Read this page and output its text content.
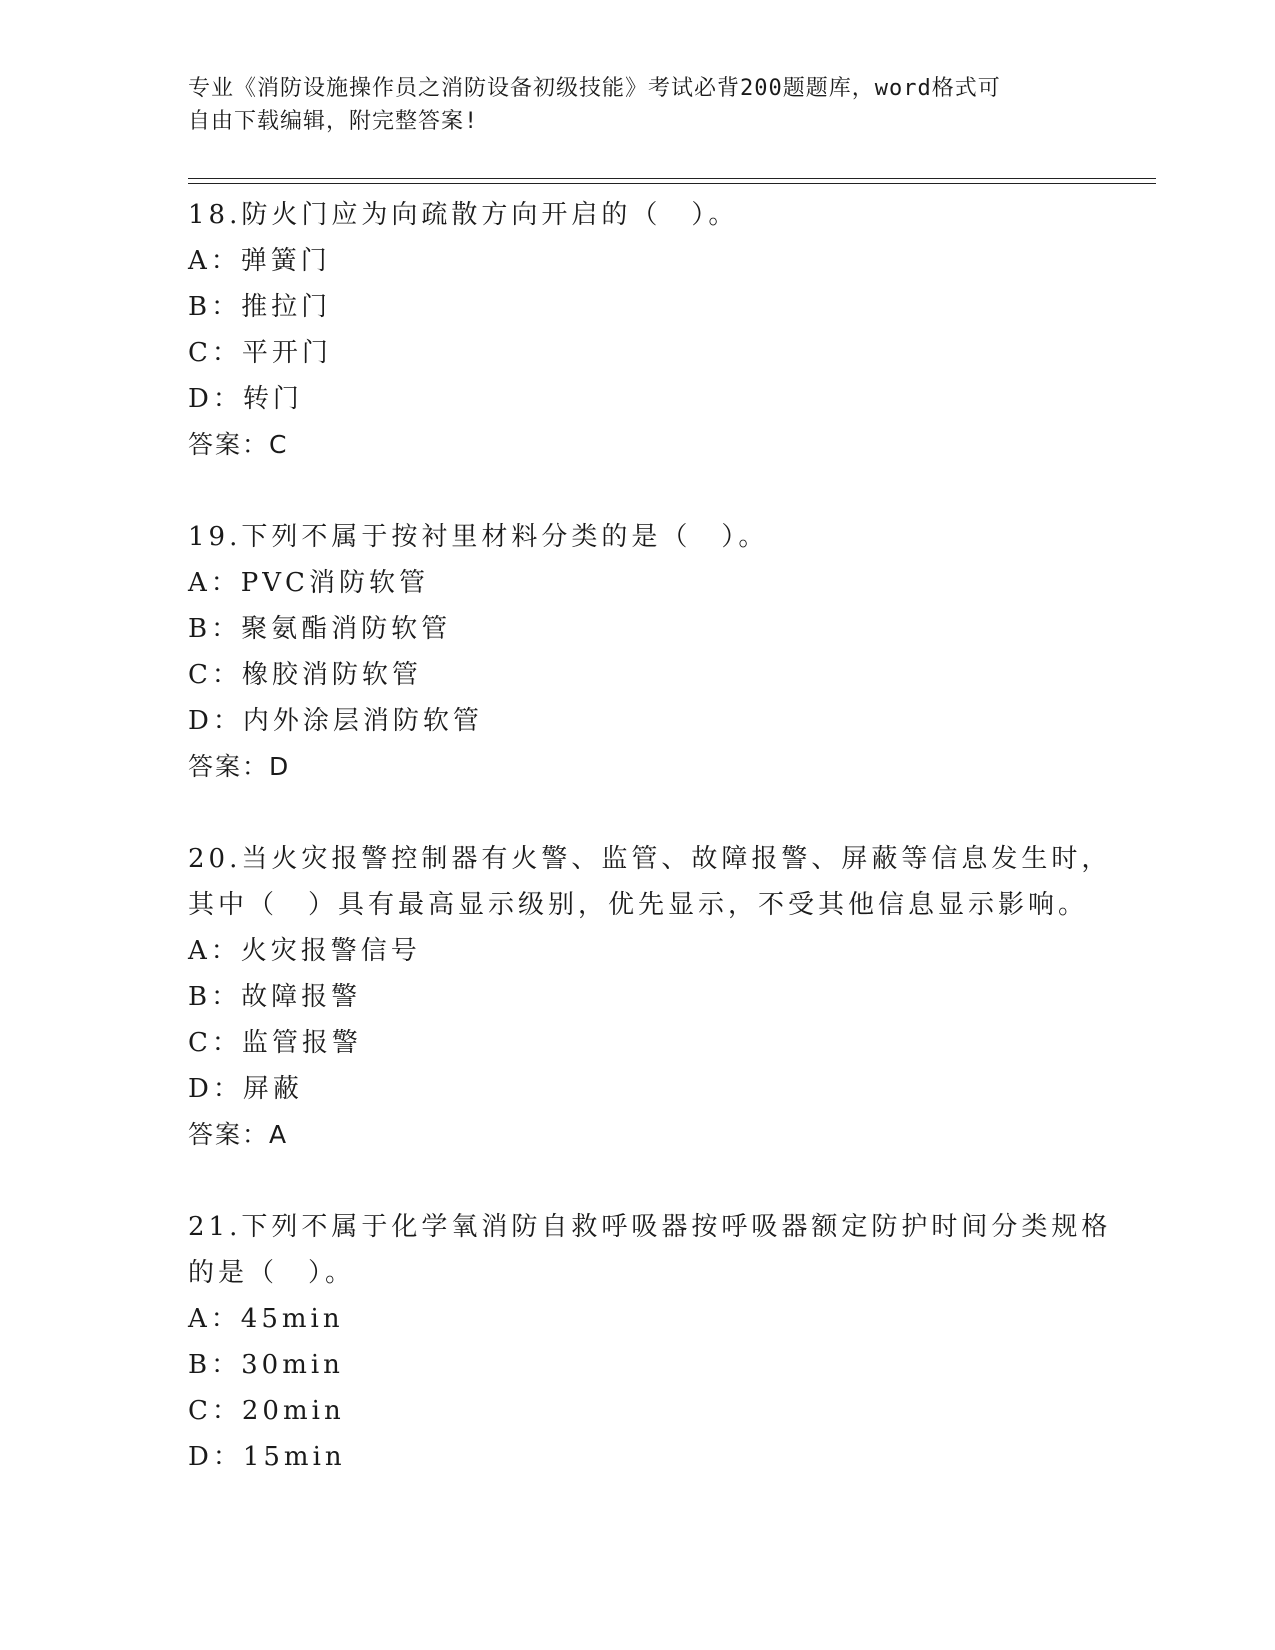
专业《消防设施操作员之消防设备初级技能》考试必背200题题库，word格式可
自由下载编辑，附完整答案!
18.防火门应为向疏散方向开启的（　）。
A：弹簧门
B：推拉门
C：平开门
D：转门
答案：C
19.下列不属于按衬里材料分类的是（　）。
A：PVC消防软管
B：聚氨酯消防软管
C：橡胶消防软管
D：内外涂层消防软管
答案：D
20.当火灾报警控制器有火警、监管、故障报警、屏蔽等信息发生时，
其中（　）具有最高显示级别，优先显示，不受其他信息显示影响。
A：火灾报警信号
B：故障报警
C：监管报警
D：屏蔽
答案：A
21.下列不属于化学氧消防自救呼吸器按呼吸器额定防护时间分类规格
的是（　）。
A：45min
B：30min
C：20min
D：15min
